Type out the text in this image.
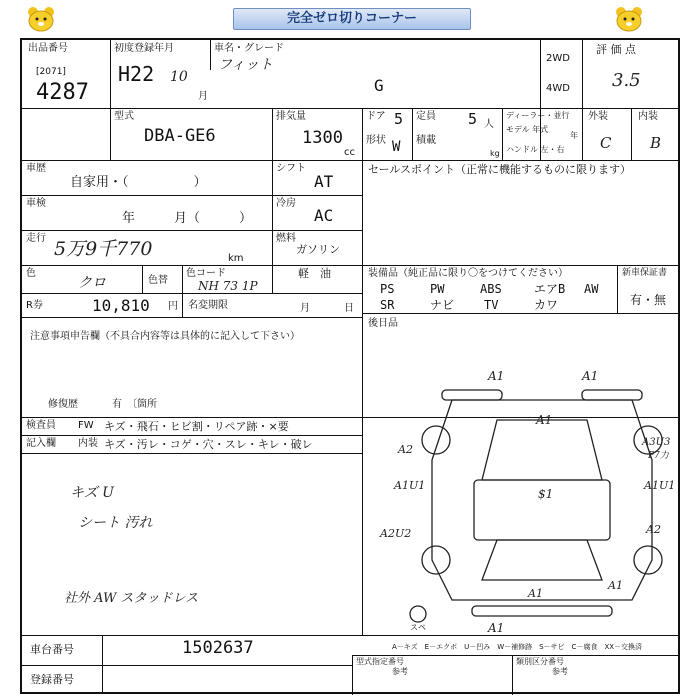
完全ゼロ切りコーナー
出品番号
[2071]
4287
初度登録年月
H22 10
月
車名・グレード
フィット
G
2WD
4WD
評 価 点
3.5
型式
DBA-GE6
排気量
1300
cc
ドア 5
形状 W
定員 5 人
積載
kg
ディーラー・並行
モデル 年式
年
ハンドル 左・右
外装	内装
C	B
車歴
自家用・（　　　　　）
シフト
AT
セールスポイント（正常に機能するものに限ります）
車検
年　　　月（　　　）
冷房
AC
走行 5万9千770	km
燃料
ガソリン
軽　油
色
クロ	色替
色コード
NH 73 1P
R券	10,810 円 名変期限	月	日
装備品（純正品に限り〇をつけてください）
PS	PW	ABS	エアB AW
SR	ナビ TV	カワ
新車保証書
有・無
後日品
注意事項申告欄（不具合内容等は具体的に記入して下さい）
修復歴	有　〔箇所
検査員 FW キズ・飛石・ヒビ割・リペア跡・×要
記入欄 内装 キズ・汚レ・コゲ・穴・スレ・キレ・破レ
キズ U
シート 汚れ
社外 AW スタッドレス
車台番号	1502637
登録番号
A－キズ　E－エクボ　U－凹み　W－補修跡　S－サビ　C－腐食　XX－交換済
型式指定番号	類別区分番号
参考	参考
A1	A1
A1
A2
A3U3
P7力
A1U1	A1U1
$1
A2U2	A2
A1
A1
A1
スペ
